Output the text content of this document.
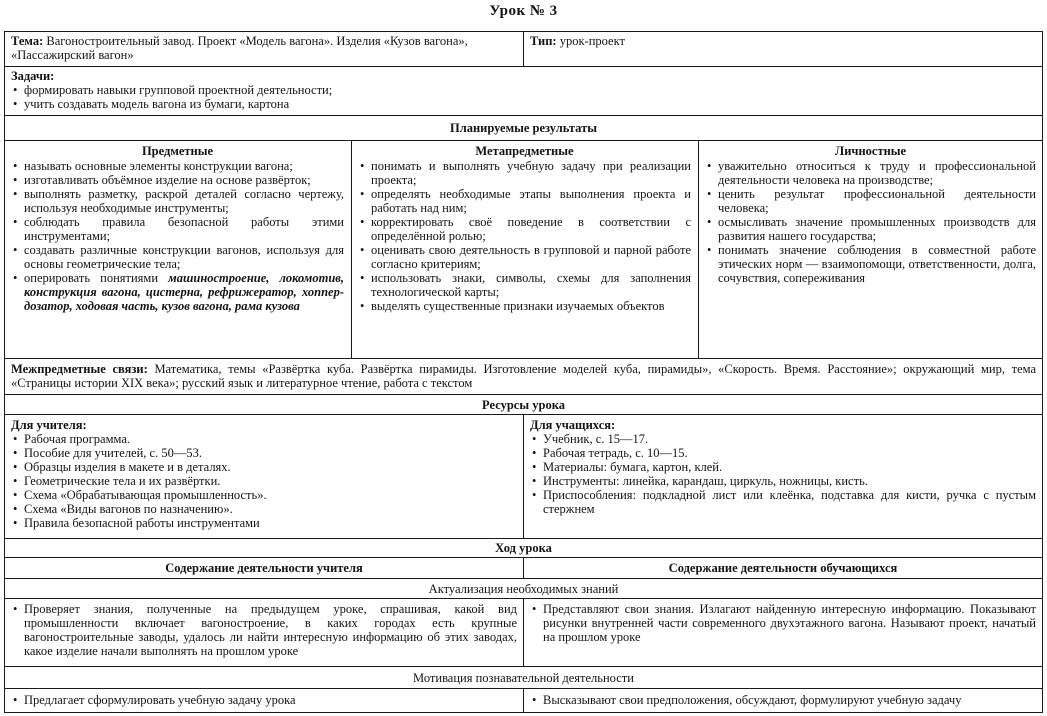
Урок № 3
Тема: Вагоностроительный завод. Проект «Модель вагона». Изделия «Кузов вагона», «Пассажирский вагон»
Тип: урок-проект
Задачи:
• формировать навыки групповой проектной деятельности;
• учить создавать модель вагона из бумаги, картона
Планируемые результаты
Предметные
• называть основные элементы конструкции вагона;
• изготавливать объёмное изделие на основе развёрток;
• выполнять разметку, раскрой деталей согласно чертежу, используя необходимые инструменты;
• соблюдать правила безопасной работы этими инструментами;
• создавать различные конструкции вагонов, используя для основы геометрические тела;
• оперировать понятиями машиностроение, локомотив, конструкция вагона, цистерна, рефрижератор, хоппер-дозатор, ходовая часть, кузов вагона, рама кузова
Метапредметные
• понимать и выполнять учебную задачу при реализации проекта;
• определять необходимые этапы выполнения проекта и работать над ним;
• корректировать своё поведение в соответствии с определённой ролью;
• оценивать свою деятельность в групповой и парной работе согласно критериям;
• использовать знаки, символы, схемы для заполнения технологической карты;
• выделять существенные признаки изучаемых объектов
Личностные
• уважительно относиться к труду и профессиональной деятельности человека на производстве;
• ценить результат профессиональной деятельности человека;
• осмысливать значение промышленных производств для развития нашего государства;
• понимать значение соблюдения в совместной работе этических норм — взаимопомощи, ответственности, долга, сочувствия, сопереживания
Межпредметные связи: Математика, темы «Развёртка куба. Развёртка пирамиды. Изготовление моделей куба, пирамиды», «Скорость. Время. Расстояние»; окружающий мир, тема «Страницы истории XIX века»; русский язык и литературное чтение, работа с текстом
Ресурсы урока
Для учителя:
• Рабочая программа.
• Пособие для учителей, с. 50—53.
• Образцы изделия в макете и в деталях.
• Геометрические тела и их развёртки.
• Схема «Обрабатывающая промышленность».
• Схема «Виды вагонов по назначению».
• Правила безопасной работы инструментами
Для учащихся:
• Учебник, с. 15—17.
• Рабочая тетрадь, с. 10—15.
• Материалы: бумага, картон, клей.
• Инструменты: линейка, карандаш, циркуль, ножницы, кисть.
• Приспособления: подкладной лист или клеёнка, подставка для кисти, ручка с пустым стержнем
Ход урока
Содержание деятельности учителя	Содержание деятельности обучающихся
Актуализация необходимых знаний
• Проверяет знания, полученные на предыдущем уроке, спрашивая, какой вид промышленности включает вагоностроение, в каких городах есть крупные вагоностроительные заводы, удалось ли найти интересную информацию об этих заводах, какое изделие начали выполнять на прошлом уроке
• Представляют свои знания. Излагают найденную интересную информацию. Показывают рисунки внутренней части современного двухэтажного вагона. Называют проект, начатый на прошлом уроке
Мотивация познавательной деятельности
• Предлагает сформулировать учебную задачу урока
•	Высказывают свои предположения, обсуждают, формулируют учебную задачу
